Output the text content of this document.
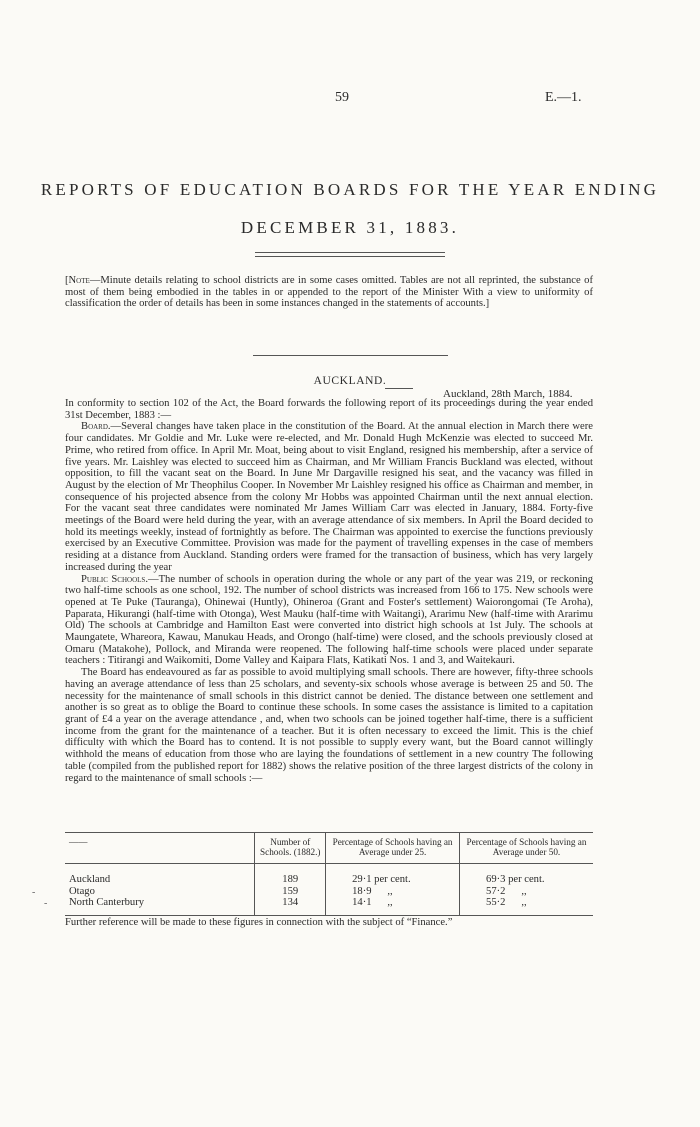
59	E.—1.
REPORTS OF EDUCATION BOARDS FOR THE YEAR ENDING
DECEMBER 31, 1883.
[Note—Minute details relating to school districts are in some cases omitted. Tables are not all reprinted, the substance of most of them being embodied in the tables in or appended to the report of the Minister With a view to uniformity of classification the order of details has been in some instances changed in the statements of accounts.]
AUCKLAND.
Auckland, 28th March, 1884.

In conformity to section 102 of the Act, the Board forwards the following report of its proceedings during the year ended 31st December, 1883 :—

Board.—Several changes have taken place in the constitution of the Board. At the annual election in March there were four candidates. Mr Goldie and Mr. Luke were re-elected, and Mr. Donald Hugh McKenzie was elected to succeed Mr. Prime, who retired from office. In April Mr. Moat, being about to visit England, resigned his membership, after a service of five years. Mr. Laishley was elected to succeed him as Chairman, and Mr William Francis Buckland was elected, without opposition, to fill the vacant seat on the Board. In June Mr Dargaville resigned his seat, and the vacancy was filled in August by the election of Mr Theophilus Cooper. In November Mr Laishley resigned his office as Chairman and member, in consequence of his projected absence from the colony Mr Hobbs was appointed Chairman until the next annual election. For the vacant seat three candidates were nominated Mr James William Carr was elected in January, 1884. Forty-five meetings of the Board were held during the year, with an average attendance of six members. In April the Board decided to hold its meetings weekly, instead of fortnightly as before. The Chairman was appointed to exercise the functions previously exercised by an Executive Committee. Provision was made for the payment of travelling expenses in the case of members residing at a distance from Auckland. Standing orders were framed for the transaction of business, which has very largely increased during the year

Public Schools.—The number of schools in operation during the whole or any part of the year was 219, or reckoning two half-time schools as one school, 192. The number of school districts was increased from 166 to 175. New schools were opened at Te Puke (Tauranga), Ohinewai (Huntly), Ohineroa (Grant and Foster's settlement) Waiorongomai (Te Aroha), Paparata, Hikurangi (half-time with Otonga), West Mauku (half-time with Waitangi), Ararimu New (half-time with Ararimu Old) The schools at Cambridge and Hamilton East were converted into district high schools at 1st July. The schools at Maungatete, Whareora, Kawau, Manukau Heads, and Orongo (half-time) were closed, and the schools previously closed at Omaru (Matakohe), Pollock, and Miranda were reopened. The following half-time schools were placed under separate teachers : Titirangi and Waikomiti, Dome Valley and Kaipara Flats, Katikati Nos. 1 and 3, and Waitekauri.

The Board has endeavoured as far as possible to avoid multiplying small schools. There are however, fifty-three schools having an average attendance of less than 25 scholars, and seventy-six schools whose average is between 25 and 50. The necessity for the maintenance of small schools in this district cannot be denied. The distance between one settlement and another is so great as to oblige the Board to continue these schools. In some cases the assistance is limited to a capitation grant of £4 a year on the average attendance , and, when two schools can be joined together half-time, there is a sufficient income from the grant for the maintenance of a teacher. But it is often necessary to exceed the limit. This is the chief difficulty with which the Board has to contend. It is not possible to supply every want, but the Board cannot willingly withhold the means of education from those who are laying the foundations of settlement in a new country The following table (compiled from the published report for 1882) shows the relative position of the three largest districts of the colony in regard to the maintenance of small schools :—

——	Number of Schools. (1882.)	Percentage of Schools having an Average under 25.	Percentage of Schools having an Average under 50.

Auckland	189	29·1 per cent.	69·3 per cent.
Otago	159	18·9      ,,	57·2      ,,
North Canterbury	134	14·1      ,,	55·2      ,,
-
-
Further reference will be made to these figures in connection with the subject of “Finance.”
